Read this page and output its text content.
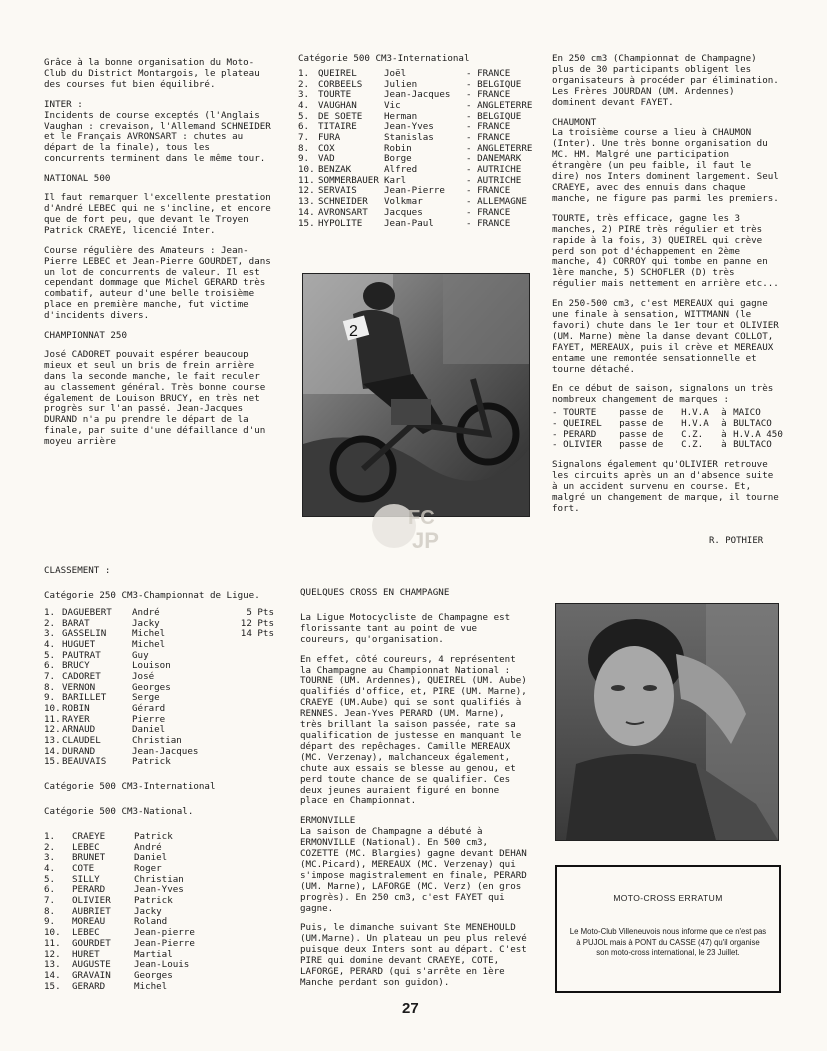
Grâce à la bonne organisation du Moto-Club du District Montargois, le plateau des courses fut bien équilibré.

INTER :

Incidents de course exceptés (l'Anglais Vaughan : crevaison, l'Allemand SCHNEIDER et le Français AVRONSART : chutes au départ de la finale), tous les concurrents terminent dans le même tour.

NATIONAL 500

Il faut remarquer l'excellente prestation d'André LEBEC qui ne s'incline, et encore que de fort peu, que devant le Troyen Patrick CRAEYE, licencié Inter.

Course régulière des Amateurs : Jean-Pierre LEBEC et Jean-Pierre GOURDET, dans un lot de concurrents de valeur. Il est cependant dommage que Michel GERARD très combatif, auteur d'une belle troisième place en première manche, fut victime d'incidents divers.

CHAMPIONNAT 250

José CADORET pouvait espérer beaucoup mieux et seul un bris de frein arrière dans la seconde manche, le fait reculer au classement général. Très bonne course également de Louison BRUCY, en très net progrès sur l'an passé. Jean-Jacques DURAND n'a pu prendre le départ de la finale, par suite d'une défaillance d'un moyeu arrière

Catégorie 500 CM3-International
1. QUEIREL	Joël	- FRANCE
2. CORBEELS Julien	- BELGIQUE
3. TOURTE	Jean-Jacques - FRANCE
4. VAUGHAN	Vic	- ANGLETERRE
5. DE SOETE Herman	- BELGIQUE
6. TITAIRE	Jean-Yves	- FRANCE
7. FURA	Stanislas	- FRANCE
8. COX	Robin	- ANGLETERRE
9. VAD	Borge	- DANEMARK
10. BENZAK	Alfred	- AUTRICHE
11. SOMMERBAUER Karl	- AUTRICHE
12. SERVAIS	Jean-Pierre - FRANCE
13. SCHNEIDER Volkmar	- ALLEMAGNE
14. AVRONSART Jacques	- FRANCE
15. HYPOLITE Jean-Paul	- FRANCE
2
FC
JP

En 250 cm3 (Championnat de Champagne) plus de 30 participants obligent les organisateurs à procéder par élimination. Les Frères JOURDAN (UM. Ardennes) dominent devant FAYET.

CHAUMONT

La troisième course a lieu à CHAUMON (Inter). Une très bonne organisation du MC. HM. Malgré une participation étrangère (un peu faible, il faut le dire) nos Inters dominent largement. Seul CRAEYE, avec des ennuis dans chaque manche, ne figure pas parmi les premiers.

TOURTE, très efficace, gagne les 3 manches, 2) PIRE très régulier et très rapide à la fois, 3) QUEIREL qui crève perd son pot d'échappement en 2ème manche, 4) CORROY qui tombe en panne en 1ère manche, 5) SCHOFLER (D) très régulier mais nettement en arrière etc...

En 250-500 cm3, c'est MEREAUX qui gagne une finale à sensation, WITTMANN (le favori) chute dans le 1er tour et OLIVIER (UM. Marne) mène la danse devant COLLOT, FAYET, MEREAUX, puis il crève et MEREAUX entame une remontée sensationnelle et tourne détaché.

En ce début de saison, signalons un très nombreux changement de marques :

- TOURTE passe de H.V.A à MAICO
- QUEIREL passe de H.V.A à BULTACO
- PERARD passe de C.Z. à H.V.A 450
- OLIVIER passe de C.Z. à BULTACO

Signalons également qu'OLIVIER retrouve les circuits après un an d'absence suite à un accident survenu en course. Et, malgré un changement de marque, il tourne fort.

R. POTHIER
CLASSEMENT :
Catégorie 250 CM3-Championnat de Ligue.
1. DAGUEBERT André	5 Pts
2. BARAT	Jacky	12 Pts
3. GASSELIN	Michel	14 Pts
4. HUGUET	Michel
5. PAUTRAT	Guy
6. BRUCY	Louison
7. CADORET	José
8. VERNON	Georges
9. BARILLET	Serge
10.ROBIN	Gérard
11.RAYER	Pierre
12.ARNAUD	Daniel
13.CLAUDEL	Christian
14.DURAND	Jean-Jacques
15.BEAUVAIS	Patrick
Catégorie 500 CM3-International
Catégorie 500 CM3-National.
1. CRAEYE	Patrick
2. LEBEC	André
3. BRUNET	Daniel
4. COTE	Roger
5. SILLY	Christian
6. PERARD	Jean-Yves
7. OLIVIER	Patrick
8. AUBRIET	Jacky
9. MOREAU	Roland
10. LEBEC	Jean-pierre
11. GOURDET	Jean-Pierre
12. HURET	Martial
13. AUGUSTE	Jean-Louis
14. GRAVAIN	Georges
15. GERARD	Michel
QUELQUES CROSS EN CHAMPAGNE

La Ligue Motocycliste de Champagne est florissante tant au point de vue coureurs, qu'organisation.

En effet, côté coureurs, 4 représentent la Champagne au Championnat National : TOURNE (UM. Ardennes), QUEIREL (UM. Aube) qualifiés d'office, et, PIRE (UM. Marne), CRAEYE (UM.Aube) qui se sont qualifiés à RENNES. Jean-Yves PERARD (UM. Marne), très brillant la saison passée, rate sa qualification de justesse en manquant le départ des repêchages. Camille MEREAUX (MC. Verzenay), malchanceux également, chute aux essais se blesse au genou, et perd toute chance de se qualifier. Ces deux jeunes auraient figuré en bonne place en Championnat.

ERMONVILLE

La saison de Champagne a débuté à ERMONVILLE (National). En 500 cm3, COZETTE (MC. Blargies) gagne devant DEHAN (MC.Picard), MEREAUX (MC. Verzenay) qui s'impose magistralement en finale, PERARD (UM. Marne), LAFORGE (MC. Verz) (en gros progrès). En 250 cm3, c'est FAYET qui gagne.

Puis, le dimanche suivant Ste MENEHOULD (UM.Marne). Un plateau un peu plus relevé puisque deux Inters sont au départ. C'est PIRE qui domine devant CRAEYE, COTE, LAFORGE, PERARD (qui s'arrête en 1ère Manche perdant son guidon).

MOTO-CROSS ERRATUM
Le Moto-Club Villeneuvois nous informe que ce n'est pas à PUJOL mais à PONT du CASSE (47) qu'il organise son moto-cross international, le 23 Juillet.
27
